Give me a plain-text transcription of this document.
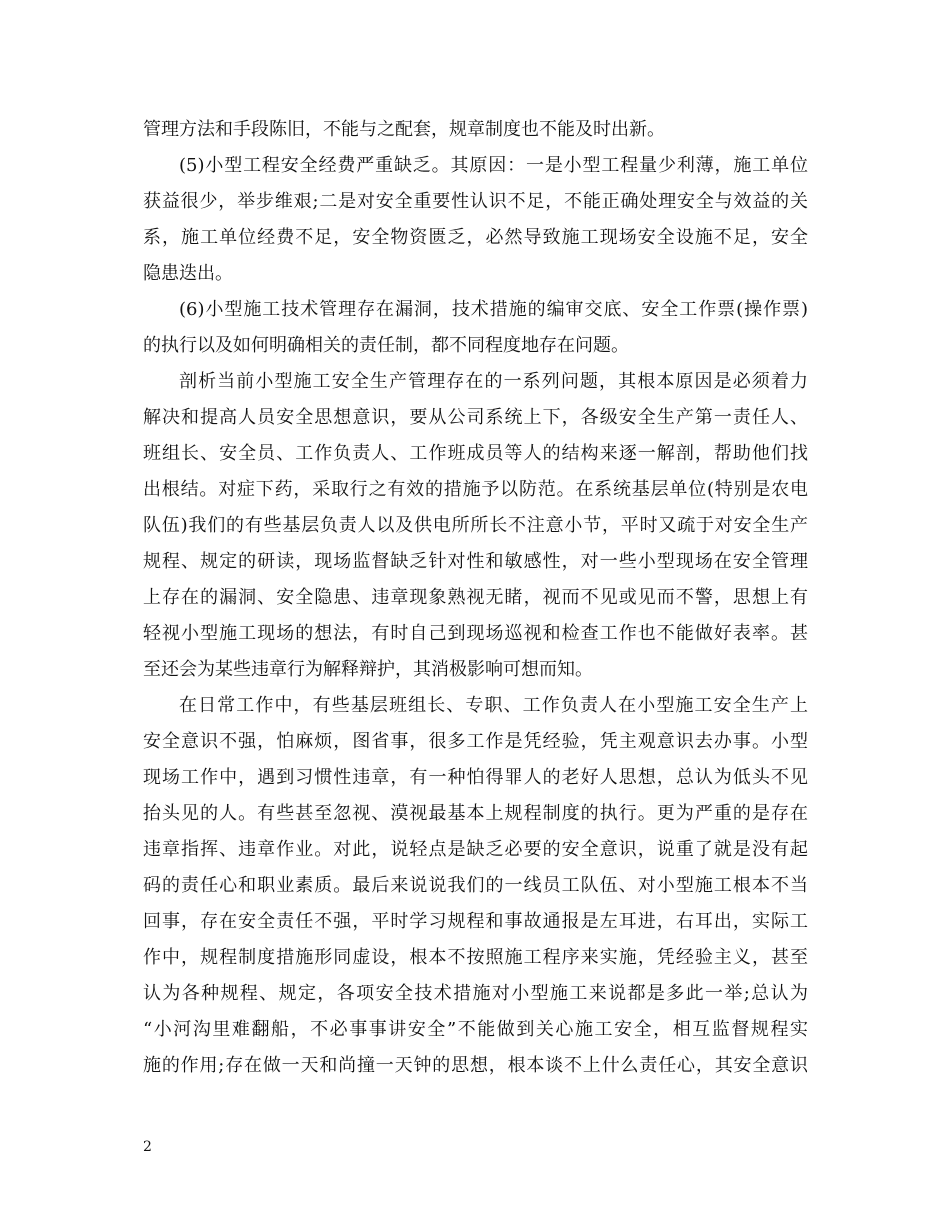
管理方法和手段陈旧，不能与之配套，规章制度也不能及时出新。
(5)小型工程安全经费严重缺乏。其原因：一是小型工程量少利薄，施工单位
获益很少，举步维艰;二是对安全重要性认识不足，不能正确处理安全与效益的关
系，施工单位经费不足，安全物资匮乏，必然导致施工现场安全设施不足，安全
隐患迭出。
(6)小型施工技术管理存在漏洞，技术措施的编审交底、安全工作票(操作票)
的执行以及如何明确相关的责任制，都不同程度地存在问题。
剖析当前小型施工安全生产管理存在的一系列问题，其根本原因是必须着力
解决和提高人员安全思想意识，要从公司系统上下，各级安全生产第一责任人、
班组长、安全员、工作负责人、工作班成员等人的结构来逐一解剖，帮助他们找
出根结。对症下药，采取行之有效的措施予以防范。在系统基层单位(特别是农电
队伍)我们的有些基层负责人以及供电所所长不注意小节，平时又疏于对安全生产
规程、规定的研读，现场监督缺乏针对性和敏感性，对一些小型现场在安全管理
上存在的漏洞、安全隐患、违章现象熟视无睹，视而不见或见而不警，思想上有
轻视小型施工现场的想法，有时自己到现场巡视和检查工作也不能做好表率。甚
至还会为某些违章行为解释辩护，其消极影响可想而知。
在日常工作中，有些基层班组长、专职、工作负责人在小型施工安全生产上
安全意识不强，怕麻烦，图省事，很多工作是凭经验，凭主观意识去办事。小型
现场工作中，遇到习惯性违章，有一种怕得罪人的老好人思想，总认为低头不见
抬头见的人。有些甚至忽视、漠视最基本上规程制度的执行。更为严重的是存在
违章指挥、违章作业。对此，说轻点是缺乏必要的安全意识，说重了就是没有起
码的责任心和职业素质。最后来说说我们的一线员工队伍、对小型施工根本不当
回事，存在安全责任不强，平时学习规程和事故通报是左耳进，右耳出，实际工
作中，规程制度措施形同虚设，根本不按照施工程序来实施，凭经验主义，甚至
认为各种规程、规定，各项安全技术措施对小型施工来说都是多此一举;总认为
“小河沟里难翻船，不必事事讲安全”不能做到关心施工安全，相互监督规程实
施的作用;存在做一天和尚撞一天钟的思想，根本谈不上什么责任心，其安全意识
2
